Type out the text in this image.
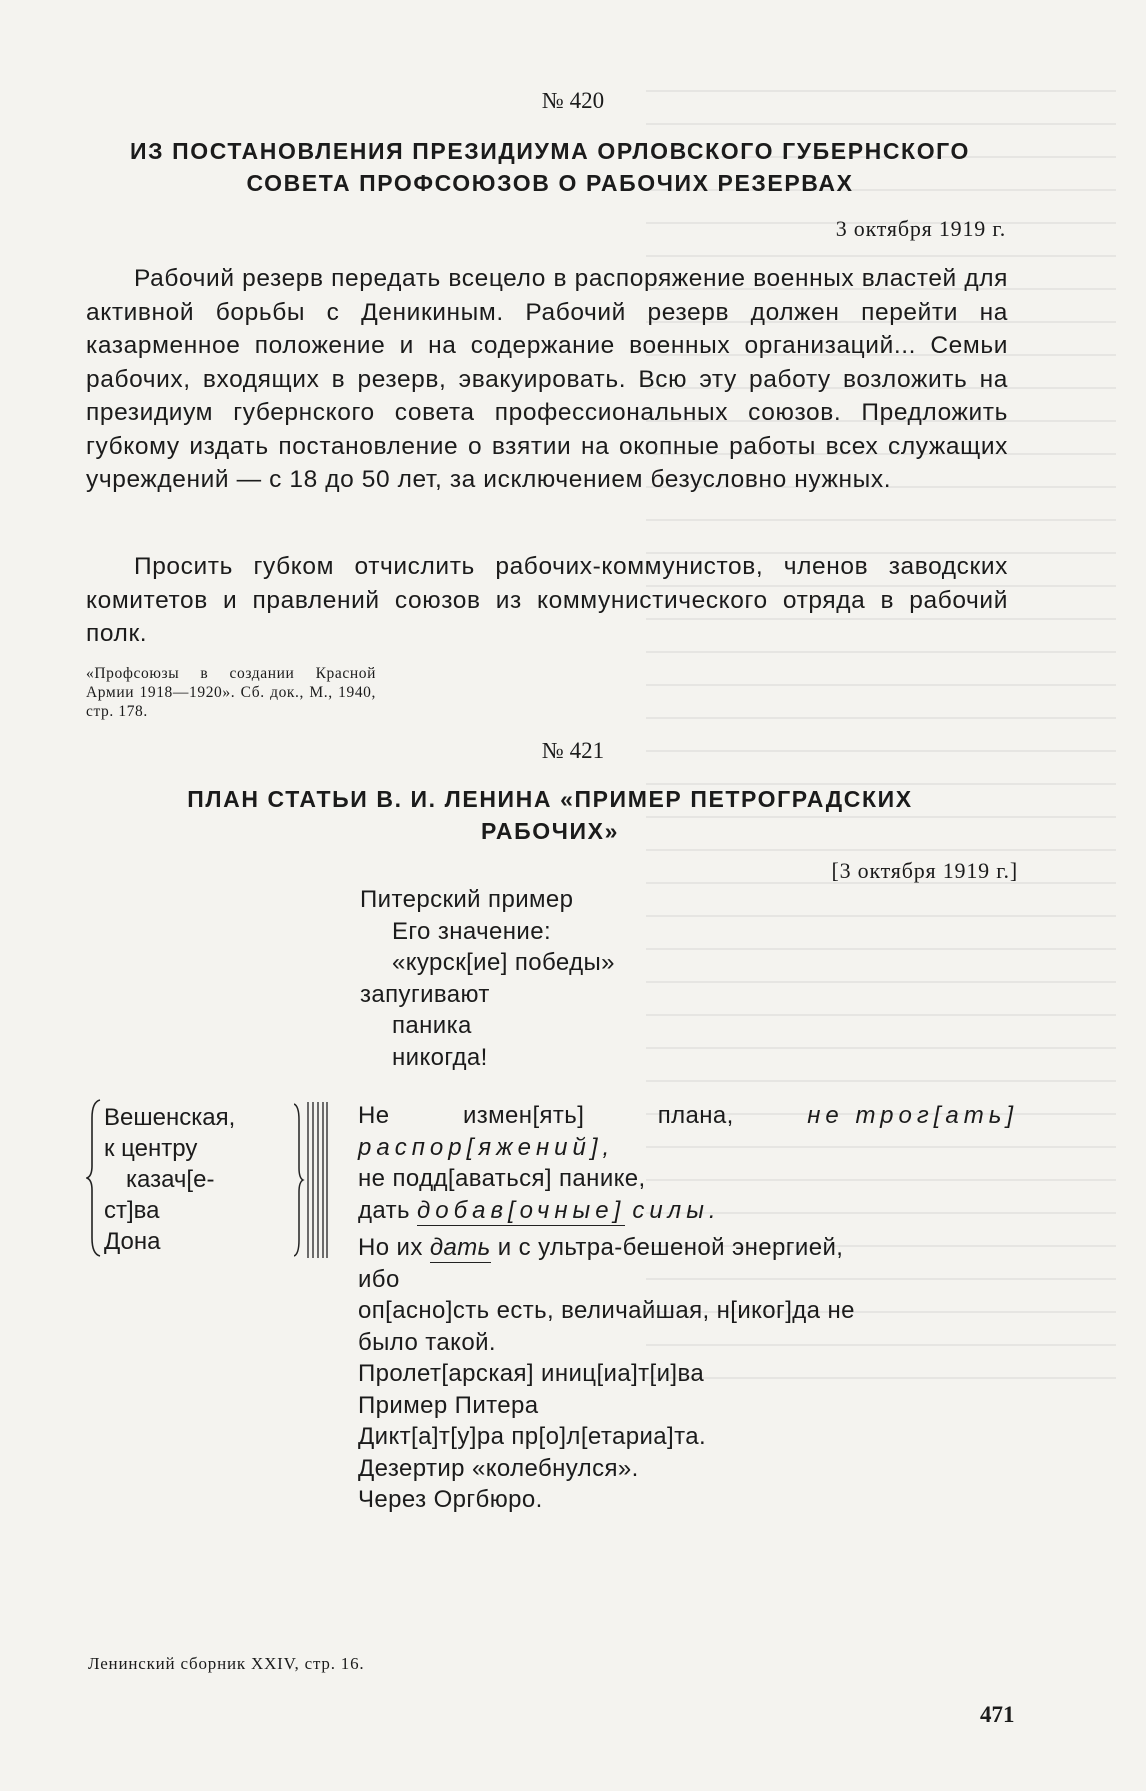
№ 420
ИЗ ПОСТАНОВЛЕНИЯ ПРЕЗИДИУМА ОРЛОВСКОГО ГУБЕРНСКОГО
СОВЕТА ПРОФСОЮЗОВ О РАБОЧИХ РЕЗЕРВАХ
3 октября 1919 г.

Рабочий резерв передать всецело в распоряжение военных властей для активной борьбы с Деникиным. Рабочий резерв должен перейти на казарменное положение и на содержание военных организаций... Семьи рабочих, входящих в резерв, эвакуировать. Всю эту работу возложить на президиум губернского совета профессиональных союзов. Предложить губкому издать постановление о взятии на окопные работы всех служащих учреждений — с 18 до 50 лет, за исключением безусловно нужных.

Просить губком отчислить рабочих-коммунистов, членов заводских комитетов и правлений союзов из коммунистического отряда в рабочий полк.

«Профсоюзы в создании Красной Армии 1918—1920». Сб. док., М., 1940, стр. 178.
№ 421
ПЛАН СТАТЬИ В. И. ЛЕНИНА «ПРИМЕР ПЕТРОГРАДСКИХ
РАБОЧИХ»
[3 октября 1919 г.]
Питерский пример
Его значение:
«курск[ие] победы»
запугивают
паника
никогда!
Вешенская,
к центру
казач[е-
ст]ва
Дона
Не	измен[ять]	плана,	не трог[ать]
распор[яжений],
не подд[аваться] панике,
дать добав[очные] силы.
Но их дать и с ультра-бешеной энергией,
ибо
оп[асно]сть есть, величайшая, н[иког]да не
было такой.
Пролет[арская] иниц[иа]т[и]ва
Пример Питера
Дикт[а]т[у]ра пр[о]л[етариа]та.
Дезертир «колебнулся».
Через Оргбюро.
Ленинский сборник XXIV, стр. 16.
471
